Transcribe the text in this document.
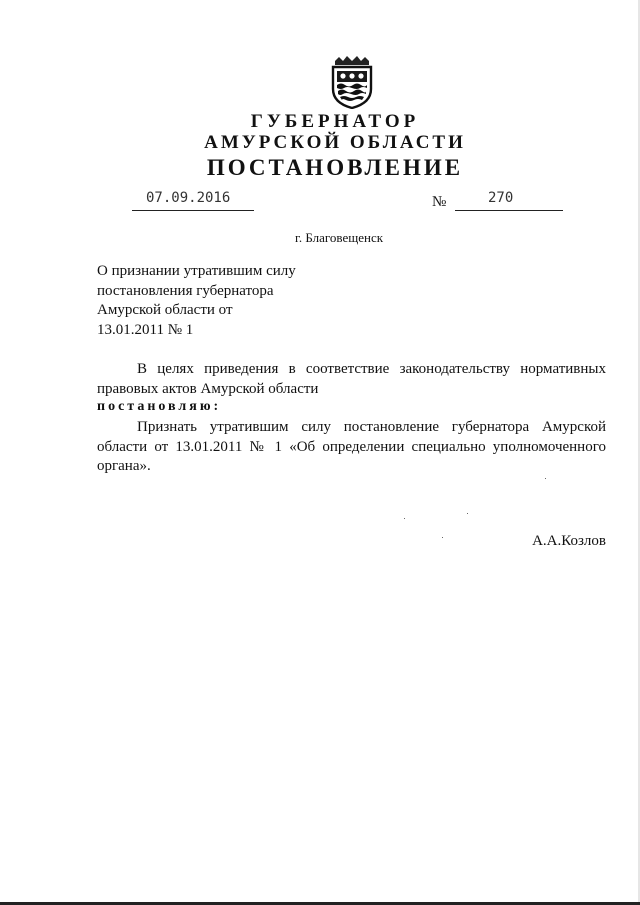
ГУБЕРНАТОР
АМУРСКОЙ ОБЛАСТИ
ПОСТАНОВЛЕНИЕ
07.09.2016	№	270
г. Благовещенск
О признании утратившим силу
постановления губернатора
Амурской области от
13.01.2011 № 1
В целях приведения в соответствие законодательству нормативных
правовых актов Амурской области
постановляю:
Признать утратившим силу постановление губернатора Амурской
области от 13.01.2011 № 1 «Об определении специально уполномоченного
органа».
А.А.Козлов
